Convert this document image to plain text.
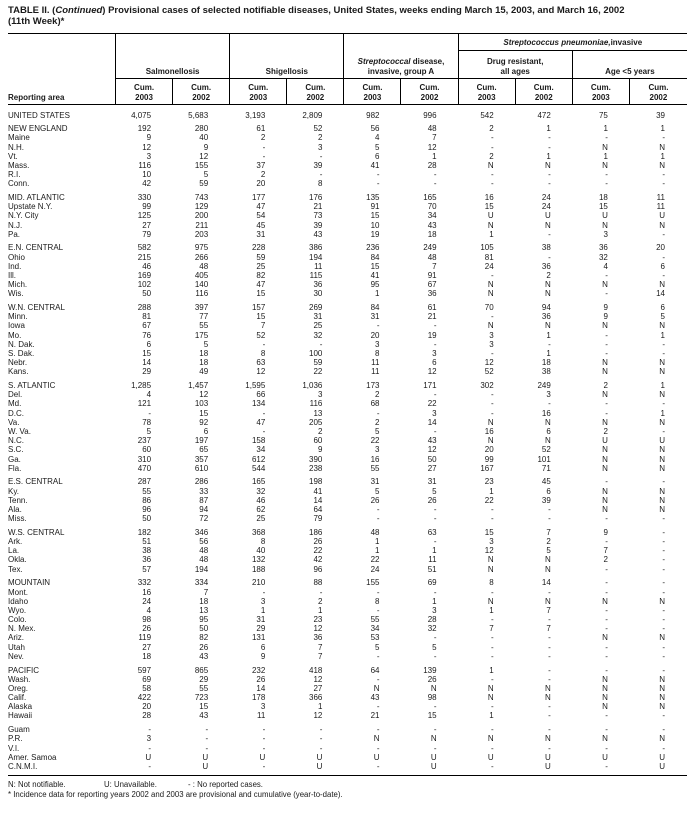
TABLE II. (Continued) Provisional cases of selected notifiable diseases, United States, weeks ending March 15, 2003, and March 16, 2002
(11th Week)*
Streptococcus pneumoniae, invasive
Salmonellosis	Shigellosis
Streptococcal disease,
invasive, group A
Drug resistant,
all ages	Age <5 years
Reporting area
Cum.
2003
Cum.
2002
Cum.
2003
Cum.
2002
Cum.
2003
Cum.
2002
Cum.
2003
Cum.
2002
Cum.
2003
Cum.
2002
UNITED STATES	4,075	5,683	3,193	2,809	982	996	542	472	75	39
NEW ENGLAND	192	280	61	52	56	48	2	1	1	1
Maine	9	40	2	2	4	7	-	-	-	-
N.H.	12	9	-	3	5	12	-	-	N	N
Vt.	3	12	-	-	6	1	2	1	1	1
Mass.	116	155	37	39	41	28	N	N	N	N
R.I.	10	5	2	-	-	-	-	-	-	-
Conn.	42	59	20	8	-	-	-	-	-	-
MID. ATLANTIC	330	743	177	176	135	165	16	24	18	11
Upstate N.Y.	99	129	47	21	91	70	15	24	15	11
N.Y. City	125	200	54	73	15	34	U	U	U	U
N.J.	27	211	45	39	10	43	N	N	N	N
Pa.	79	203	31	43	19	18	1	-	3	-
E.N. CENTRAL	582	975	228	386	236	249	105	38	36	20
Ohio	215	266	59	194	84	48	81	-	32	-
Ind.	46	48	25	11	15	7	24	36	4	6
Ill.	169	405	82	115	41	91	-	2	-	-
Mich.	102	140	47	36	95	67	N	N	N	N
Wis.	50	116	15	30	1	36	N	N	-	14
W.N. CENTRAL	288	397	157	269	84	61	70	94	9	6
Minn.	81	77	15	31	31	21	-	36	9	5
Iowa	67	55	7	25	-	-	N	N	N	N
Mo.	76	175	52	32	20	19	3	1	-	1
N. Dak.	6	5	-	-	3	-	3	-	-	-
S. Dak.	15	18	8	100	8	3	-	1	-	-
Nebr.	14	18	63	59	11	6	12	18	N	N
Kans.	29	49	12	22	11	12	52	38	N	N
S. ATLANTIC	1,285	1,457	1,595	1,036	173	171	302	249	2	1
Del.	4	12	66	3	2	-	-	3	N	N
Md.	121	103	134	116	68	22	-	-	-	-
D.C.	-	15	-	13	-	3	-	16	-	1
Va.	78	92	47	205	2	14	N	N	N	N
W. Va.	5	6	-	2	5	-	16	6	2	-
N.C.	237	197	158	60	22	43	N	N	U	U
S.C.	60	65	34	9	3	12	20	52	N	N
Ga.	310	357	612	390	16	50	99	101	N	N
Fla.	470	610	544	238	55	27	167	71	N	N
E.S. CENTRAL	287	286	165	198	31	31	23	45	-	-
Ky.	55	33	32	41	5	5	1	6	N	N
Tenn.	86	87	46	14	26	26	22	39	N	N
Ala.	96	94	62	64	-	-	-	-	N	N
Miss.	50	72	25	79	-	-	-	-	-	-
W.S. CENTRAL	182	346	368	186	48	63	15	7	9	-
Ark.	51	56	8	26	1	-	3	2	-	-
La.	38	48	40	22	1	1	12	5	7	-
Okla.	36	48	132	42	22	11	N	N	2	-
Tex.	57	194	188	96	24	51	N	N	-	-
MOUNTAIN	332	334	210	88	155	69	8	14	-	-
Mont.	16	7	-	-	-	-	-	-	-	-
Idaho	24	18	3	2	8	1	N	N	N	N
Wyo.	4	13	1	1	-	3	1	7	-	-
Colo.	98	95	31	23	55	28	-	-	-	-
N. Mex.	26	50	29	12	34	32	7	7	-	-
Ariz.	119	82	131	36	53	-	-	-	N	N
Utah	27	26	6	7	5	5	-	-	-	-
Nev.	18	43	9	7	-	-	-	-	-	-
PACIFIC	597	865	232	418	64	139	1	-	-	-
Wash.	69	29	26	12	-	26	-	-	N	N
Oreg.	58	55	14	27	N	N	N	N	N	N
Calif.	422	723	178	366	43	98	N	N	N	N
Alaska	20	15	3	1	-	-	-	-	N	N
Hawaii	28	43	11	12	21	15	1	-	-	-
Guam	-	-	-	-	-	-	-	-	-	-
P.R.	3	-	-	-	N	N	N	N	N	N
V.I.	-	-	-	-	-	-	-	-	-	-
Amer. Samoa	U	U	U	U	U	U	U	U	U	U
C.N.M.I.	-	U	-	U	-	U	-	U	-	U
N: Not notifiable.	U: Unavailable.	- : No reported cases.
* Incidence data for reporting years 2002 and 2003 are provisional and cumulative (year-to-date).
